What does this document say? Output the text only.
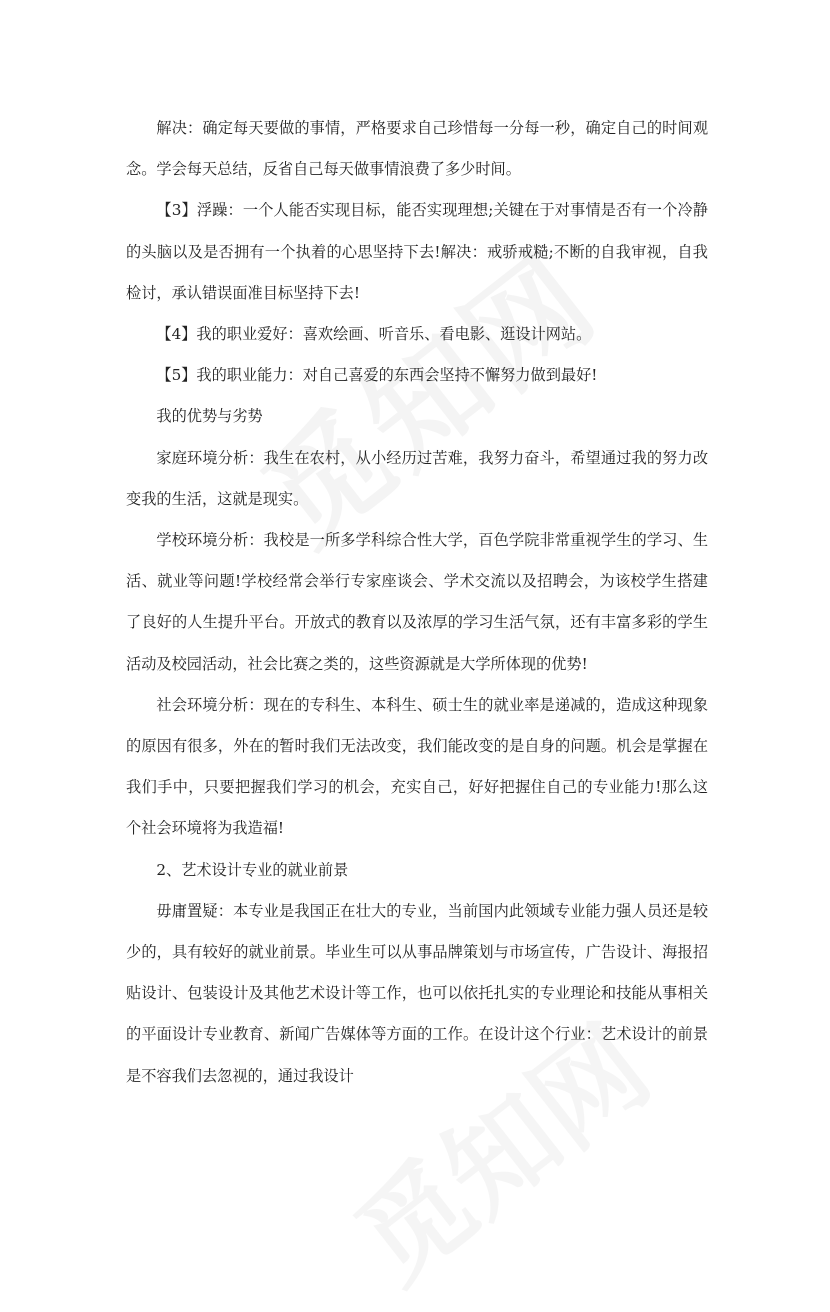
解决：确定每天要做的事情，严格要求自己珍惜每一分每一秒，确定自己的时间观念。学会每天总结，反省自己每天做事情浪费了多少时间。

【3】浮躁：一个人能否实现目标，能否实现理想;关键在于对事情是否有一个冷静的头脑以及是否拥有一个执着的心思坚持下去!解决：戒骄戒糙;不断的自我审视，自我检讨，承认错误面准目标坚持下去!

【4】我的职业爱好：喜欢绘画、听音乐、看电影、逛设计网站。

【5】我的职业能力：对自己喜爱的东西会坚持不懈努力做到最好!

我的优势与劣势

家庭环境分析：我生在农村，从小经历过苦难，我努力奋斗，希望通过我的努力改变我的生活，这就是现实。

学校环境分析：我校是一所多学科综合性大学，百色学院非常重视学生的学习、生活、就业等问题!学校经常会举行专家座谈会、学术交流以及招聘会，为该校学生搭建了良好的人生提升平台。开放式的教育以及浓厚的学习生活气氛，还有丰富多彩的学生活动及校园活动，社会比赛之类的，这些资源就是大学所体现的优势!

社会环境分析：现在的专科生、本科生、硕士生的就业率是递减的，造成这种现象的原因有很多，外在的暂时我们无法改变，我们能改变的是自身的问题。机会是掌握在我们手中，只要把握我们学习的机会，充实自己，好好把握住自己的专业能力!那么这个社会环境将为我造福!

2、艺术设计专业的就业前景

毋庸置疑：本专业是我国正在壮大的专业，当前国内此领域专业能力强人员还是较少的，具有较好的就业前景。毕业生可以从事品牌策划与市场宣传，广告设计、海报招贴设计、包装设计及其他艺术设计等工作，也可以依托扎实的专业理论和技能从事相关的平面设计专业教育、新闻广告媒体等方面的工作。在设计这个行业：艺术设计的前景是不容我们去忽视的，通过我设计
